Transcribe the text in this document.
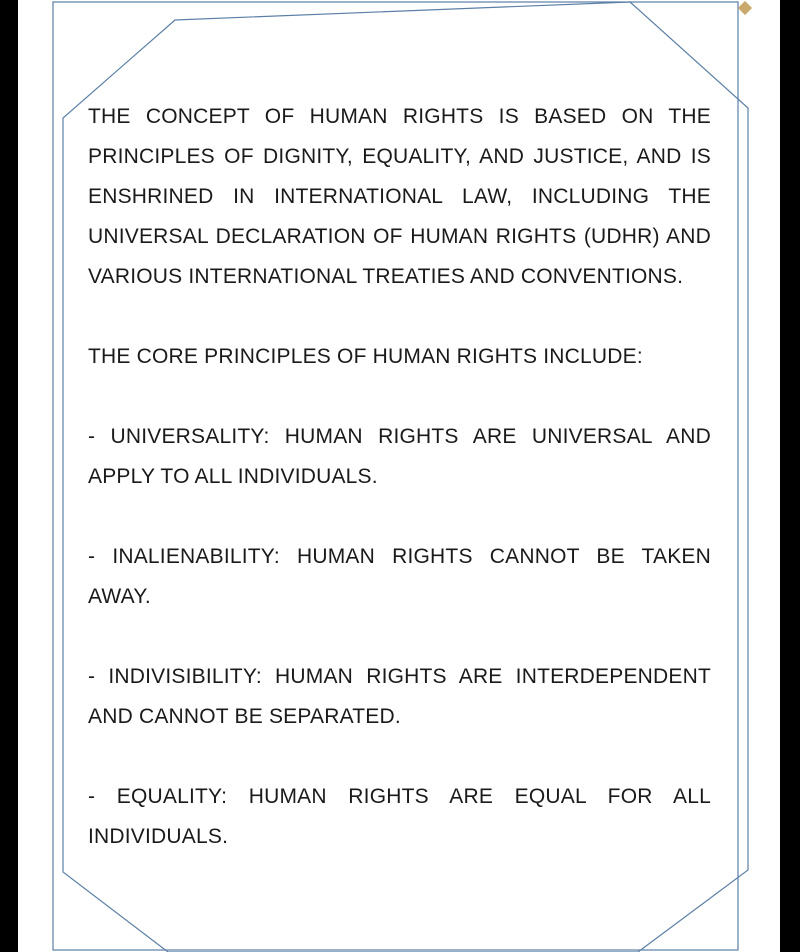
THE CONCEPT OF HUMAN RIGHTS IS BASED ON THE PRINCIPLES OF DIGNITY, EQUALITY, AND JUSTICE, AND IS ENSHRINED IN INTERNATIONAL LAW, INCLUDING THE UNIVERSAL DECLARATION OF HUMAN RIGHTS (UDHR) AND VARIOUS INTERNATIONAL TREATIES AND CONVENTIONS.

THE CORE PRINCIPLES OF HUMAN RIGHTS INCLUDE:

- UNIVERSALITY: HUMAN RIGHTS ARE UNIVERSAL AND APPLY TO ALL INDIVIDUALS.

- INALIENABILITY: HUMAN RIGHTS CANNOT BE TAKEN AWAY.

- INDIVISIBILITY: HUMAN RIGHTS ARE INTERDEPENDENT AND CANNOT BE SEPARATED.

- EQUALITY: HUMAN RIGHTS ARE EQUAL FOR ALL INDIVIDUALS.
